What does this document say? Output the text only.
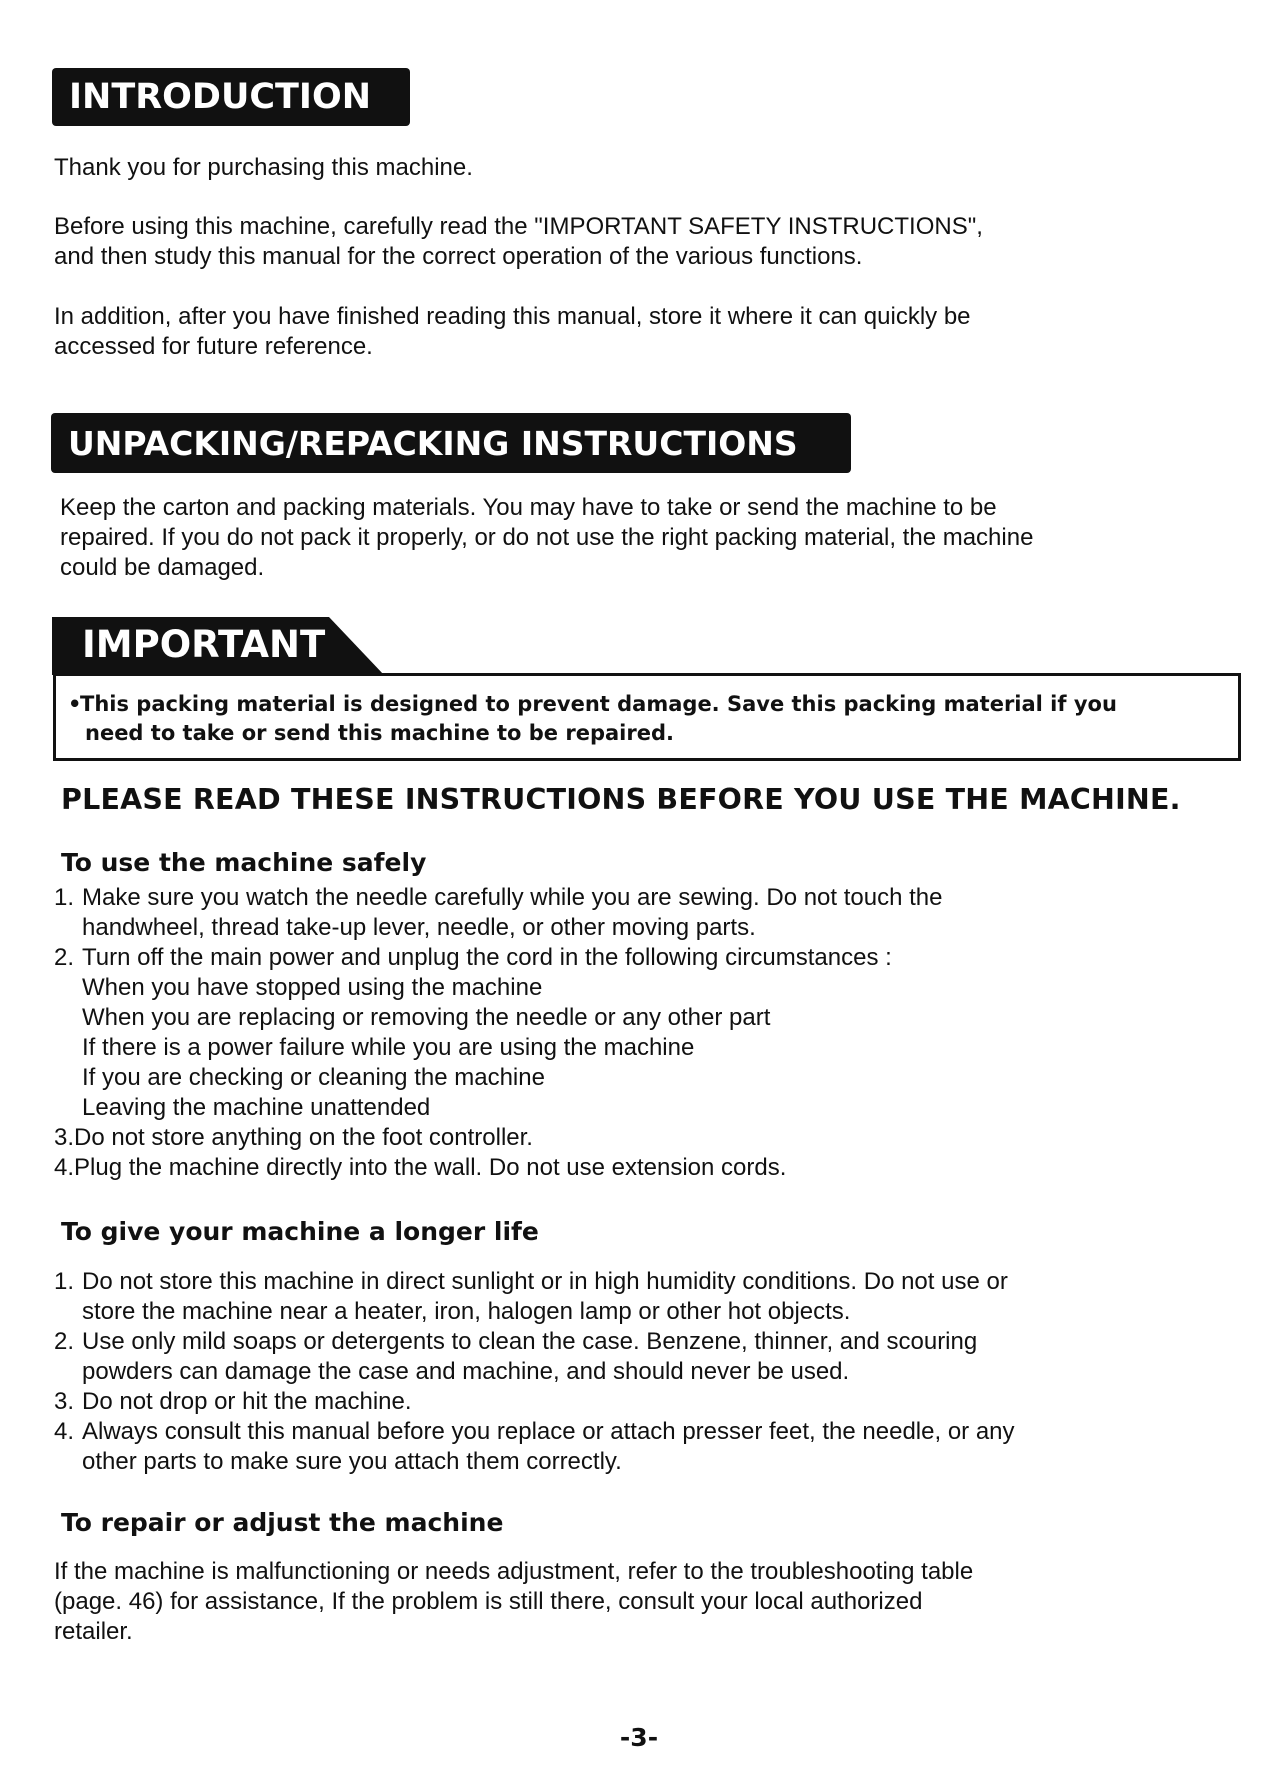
INTRODUCTION

Thank you for purchasing this machine.

Before using this machine, carefully read the "IMPORTANT SAFETY INSTRUCTIONS",
and then study this manual for the correct operation of the various functions.
In addition, after you have finished reading this manual, store it where it can quickly be
accessed for future reference.
UNPACKING/REPACKING INSTRUCTIONS
Keep the carton and packing materials. You may have to take or send the machine to be
repaired. If you do not pack it properly, or do not use the right packing material, the machine
could be damaged.
IMPORTANT
•This packing material is designed to prevent damage. Save this packing material if you
need to take or send this machine to be repaired.
PLEASE READ THESE INSTRUCTIONS BEFORE YOU USE THE MACHINE.
To use the machine safely
1. Make sure you watch the needle carefully while you are sewing. Do not touch the
handwheel, thread take-up lever, needle, or other moving parts.
2. Turn off the main power and unplug the cord in the following circumstances :
When you have stopped using the machine
When you are replacing or removing the needle or any other part
If there is a power failure while you are using the machine
If you are checking or cleaning the machine
Leaving the machine unattended
3.Do not store anything on the foot controller.
4.Plug the machine directly into the wall. Do not use extension cords.
To give your machine a longer life
1. Do not store this machine in direct sunlight or in high humidity conditions. Do not use or
store the machine near a heater, iron, halogen lamp or other hot objects.
2. Use only mild soaps or detergents to clean the case. Benzene, thinner, and scouring
powders can damage the case and machine, and should never be used.
3. Do not drop or hit the machine.
4. Always consult this manual before you replace or attach presser feet, the needle, or any
other parts to make sure you attach them correctly.
To repair or adjust the machine
If the machine is malfunctioning or needs adjustment, refer to the troubleshooting table
(page. 46) for assistance, If the problem is still there, consult your local authorized
retailer.
-3-
